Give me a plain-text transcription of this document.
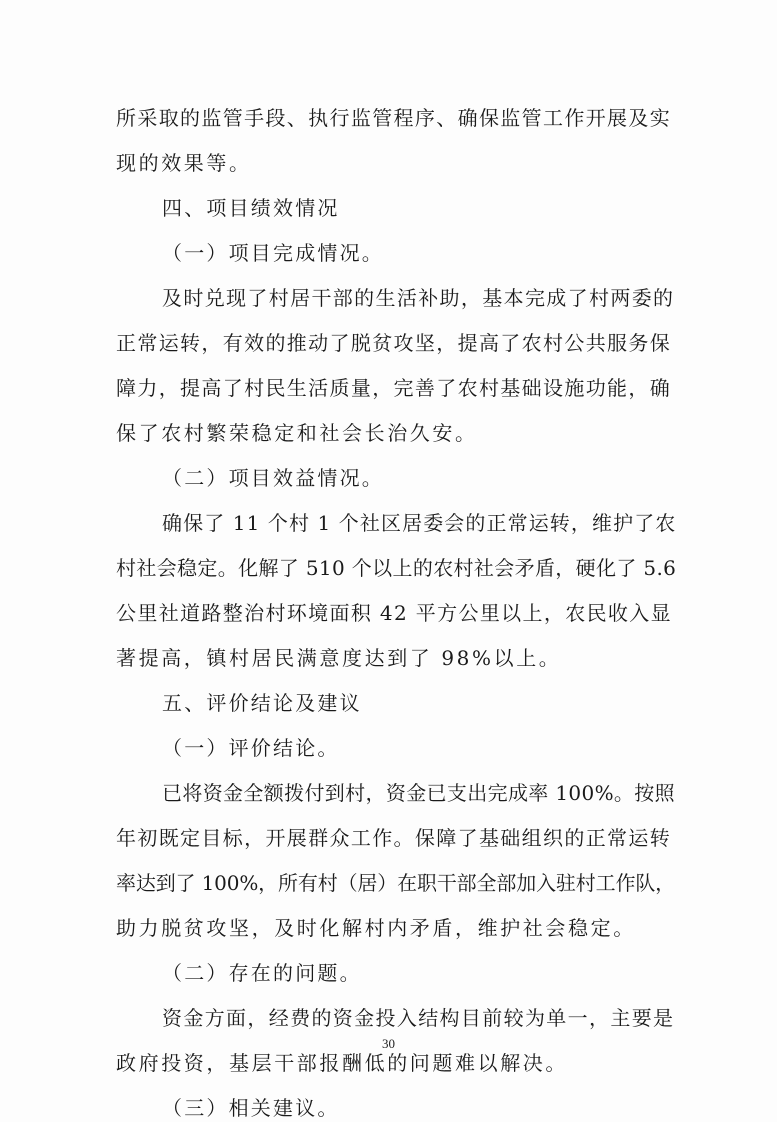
所采取的监管手段、执行监管程序、确保监管工作开展及实
现的效果等。
四、项目绩效情况
（一）项目完成情况。
及时兑现了村居干部的生活补助，基本完成了村两委的
正常运转，有效的推动了脱贫攻坚，提高了农村公共服务保
障力，提高了村民生活质量，完善了农村基础设施功能，确
保了农村繁荣稳定和社会长治久安。
（二）项目效益情况。
确保了 11 个村 1 个社区居委会的正常运转，维护了农
村社会稳定。化解了 510 个以上的农村社会矛盾，硬化了 5.6
公里社道路整治村环境面积 42 平方公里以上，农民收入显
著提高，镇村居民满意度达到了 98%以上。
五、评价结论及建议
（一）评价结论。
已将资金全额拨付到村，资金已支出完成率 100%。按照
年初既定目标，开展群众工作。保障了基础组织的正常运转
率达到了 100%，所有村（居）在职干部全部加入驻村工作队，
助力脱贫攻坚，及时化解村内矛盾，维护社会稳定。
（二）存在的问题。
资金方面，经费的资金投入结构目前较为单一，主要是
政府投资，基层干部报酬低的问题难以解决。
（三）相关建议。
30
